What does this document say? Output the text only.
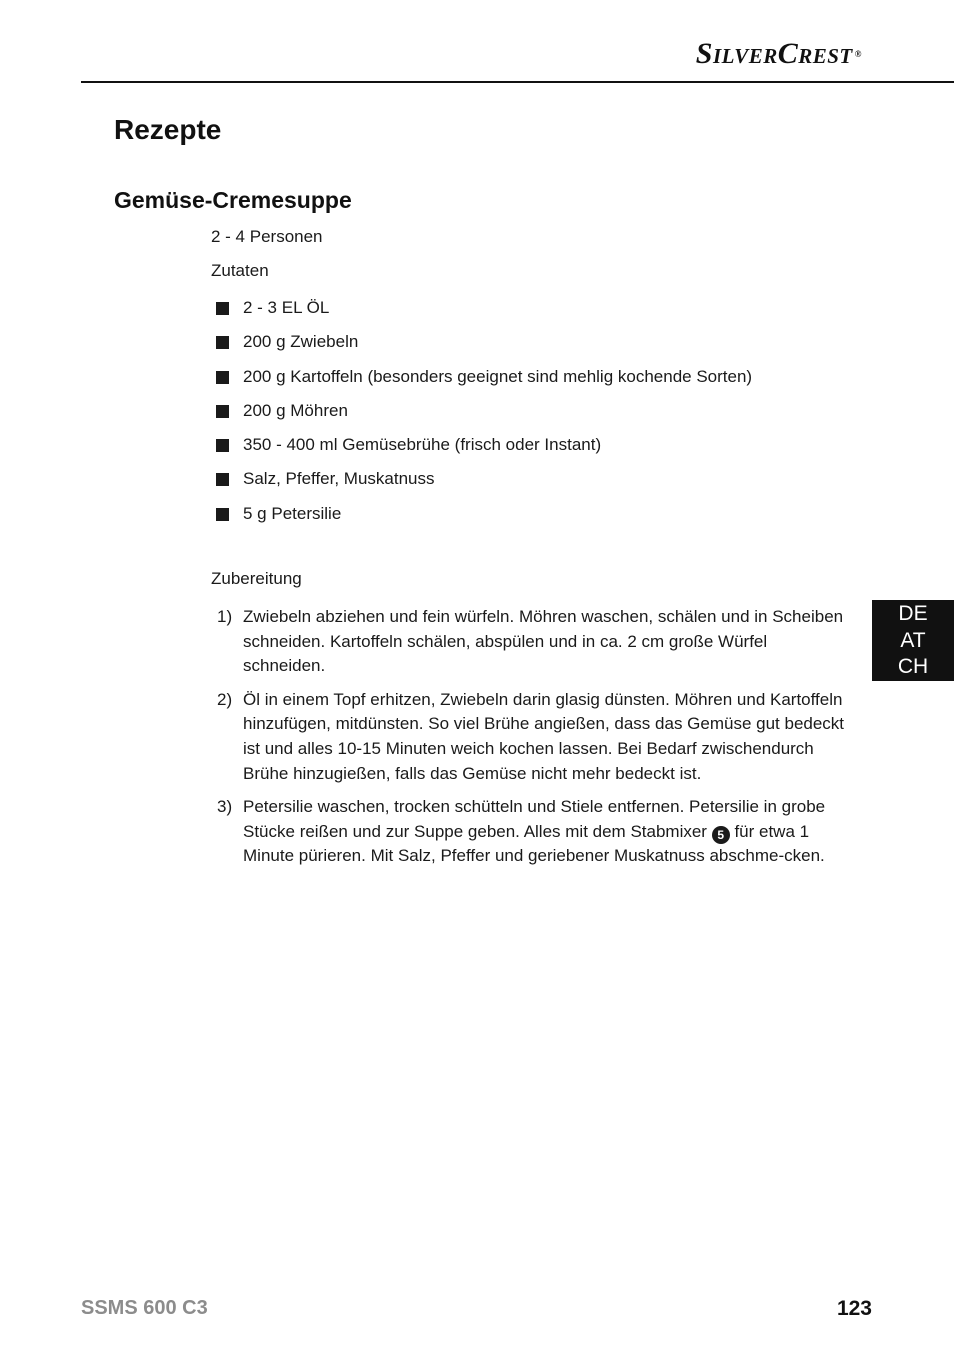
SilverCrest ®
Rezepte
Gemüse-Cremesuppe
2 - 4 Personen
Zutaten
2 - 3 EL ÖL
200 g Zwiebeln
200 g Kartoffeln (besonders geeignet sind mehlig kochende Sorten)
200 g Möhren
350 - 400 ml Gemüsebrühe (frisch oder Instant)
Salz, Pfeffer, Muskatnuss
5 g Petersilie
Zubereitung
1) Zwiebeln abziehen und fein würfeln. Möhren waschen, schälen und in Scheiben schneiden. Kartoffeln schälen, abspülen und in ca. 2 cm große Würfel schneiden.
2) Öl in einem Topf erhitzen, Zwiebeln darin glasig dünsten. Möhren und Kartoffeln hinzufügen, mitdünsten. So viel Brühe angießen, dass das Gemüse gut bedeckt ist und alles 10-15 Minuten weich kochen lassen. Bei Bedarf zwischendurch Brühe hinzugießen, falls das Gemüse nicht mehr bedeckt ist.
3) Petersilie waschen, trocken schütteln und Stiele entfernen. Petersilie in grobe Stücke reißen und zur Suppe geben. Alles mit dem Stabmixer 5 für etwa 1 Minute pürieren. Mit Salz, Pfeffer und geriebener Muskatnuss abschme-cken.
DE
AT
CH
SSMS 600 C3	123
